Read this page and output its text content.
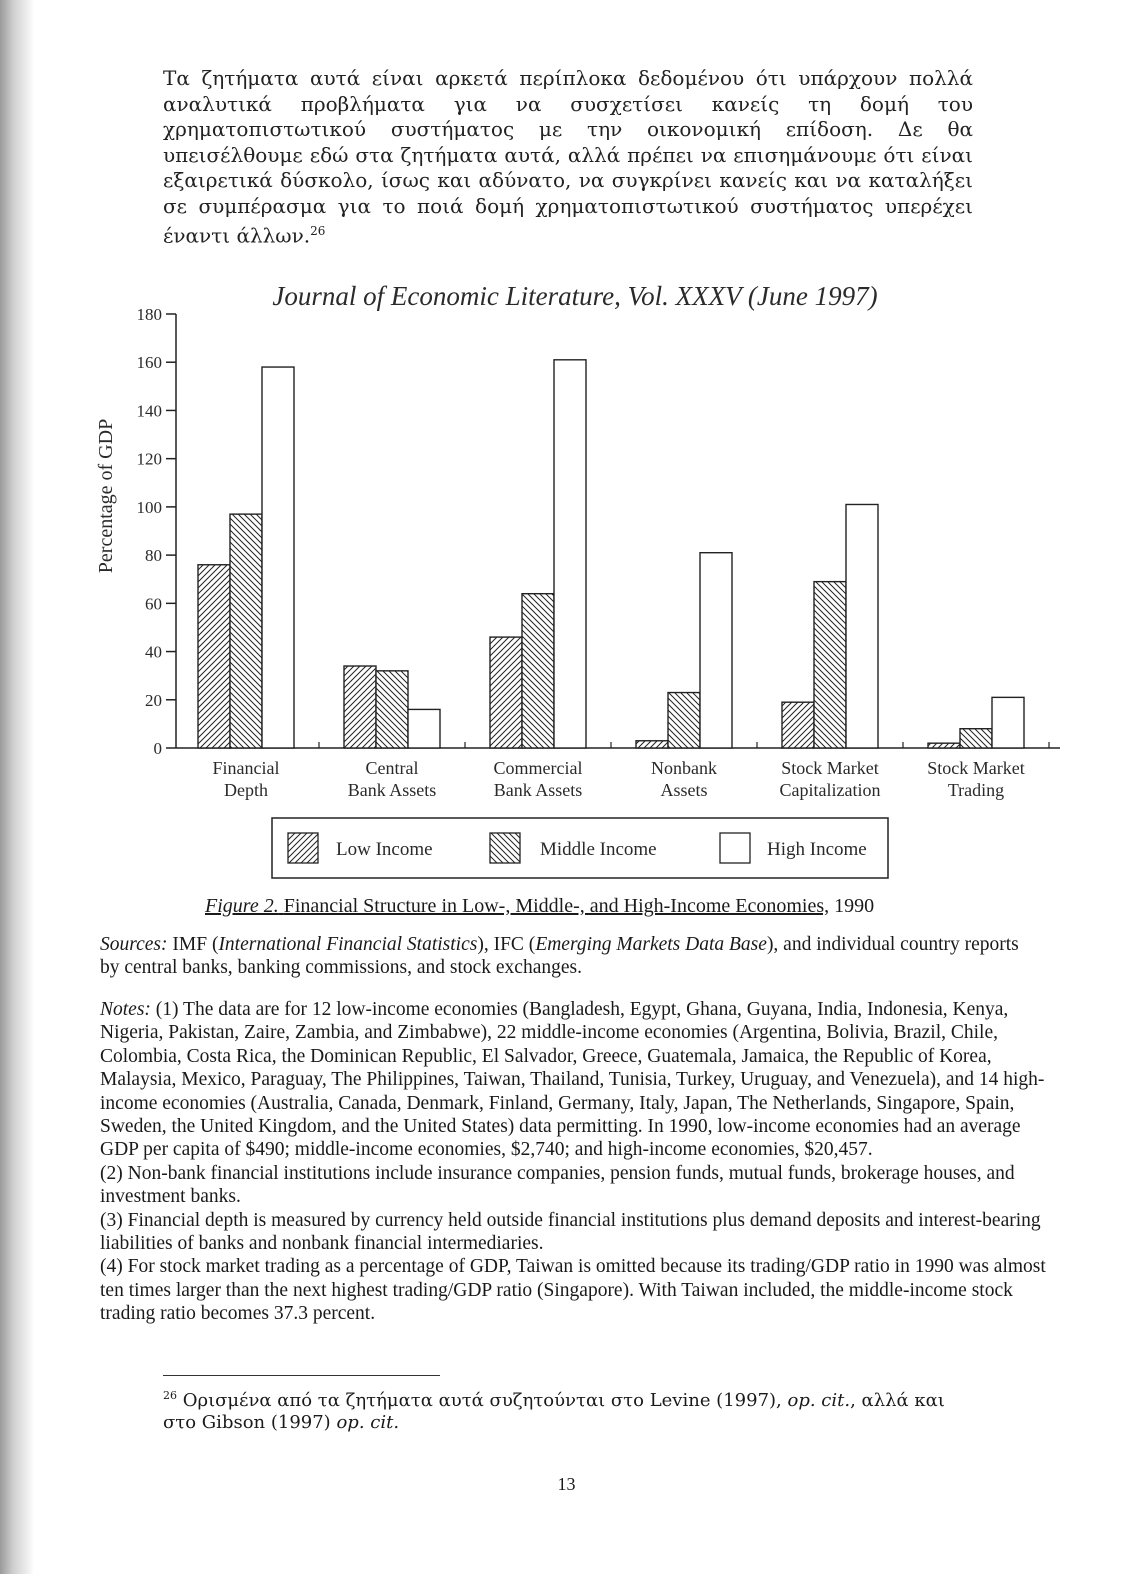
Τα ζητήματα αυτά είναι αρκετά περίπλοκα δεδομένου ότι υπάρχουν πολλά αναλυτικά προβλήματα για να συσχετίσει κανείς τη δομή του χρηματοπιστωτικού συστήματος με την οικονομική επίδοση. Δε θα υπεισέλθουμε εδώ στα ζητήματα αυτά, αλλά πρέπει να επισημάνουμε ότι είναι εξαιρετικά δύσκολο, ίσως και αδύνατο, να συγκρίνει κανείς και να καταλήξει σε συμπέρασμα για το ποιά δομή χρηματοπιστωτικού συστήματος υπερέχει έναντι άλλων.$^{26}$
Journal of Economic Literature, Vol. XXXV (June 1997)
Percentage of GDP
0
20
40
60
80
100
120
140
160
180
Financial
Depth
Central
Bank Assets
Commercial
Bank Assets
Nonbank
Assets
Stock Market
Capitalization
Stock Market
Trading
Low Income	Middle Income	High Income
Figure 2. Financial Structure in Low-, Middle-, and High-Income Economies, 1990
Sources: IMF (International Financial Statistics), IFC (Emerging Markets Data Base), and individual country reports by central banks, banking commissions, and stock exchanges.

Notes: (1) The data are for 12 low-income economies (Bangladesh, Egypt, Ghana, Guyana, India, Indonesia, Kenya, Nigeria, Pakistan, Zaire, Zambia, and Zimbabwe), 22 middle-income economies (Argentina, Bolivia, Brazil, Chile, Colombia, Costa Rica, the Dominican Republic, El Salvador, Greece, Guatemala, Jamaica, the Republic of Korea, Malaysia, Mexico, Paraguay, The Philippines, Taiwan, Thailand, Tunisia, Turkey, Uruguay, and Venezuela), and 14 high-income economies (Australia, Canada, Denmark, Finland, Germany, Italy, Japan, The Netherlands, Singapore, Spain, Sweden, the United Kingdom, and the United States) data permitting. In 1990, low-income economies had an average GDP per capita of $490; middle-income economies, $2,740; and high-income economies, $20,457.

(2) Non-bank financial institutions include insurance companies, pension funds, mutual funds, brokerage houses, and investment banks.

(3) Financial depth is measured by currency held outside financial institutions plus demand deposits and interest-bearing liabilities of banks and nonbank financial intermediaries.

(4) For stock market trading as a percentage of GDP, Taiwan is omitted because its trading/GDP ratio in 1990 was almost ten times larger than the next highest trading/GDP ratio (Singapore). With Taiwan included, the middle-income stock trading ratio becomes 37.3 percent.

$^{26}$ Ορισμένα από τα ζητήματα αυτά συζητούνται στο Levine (1997), op. cit., αλλά και στο Gibson (1997) op. cit.
13
